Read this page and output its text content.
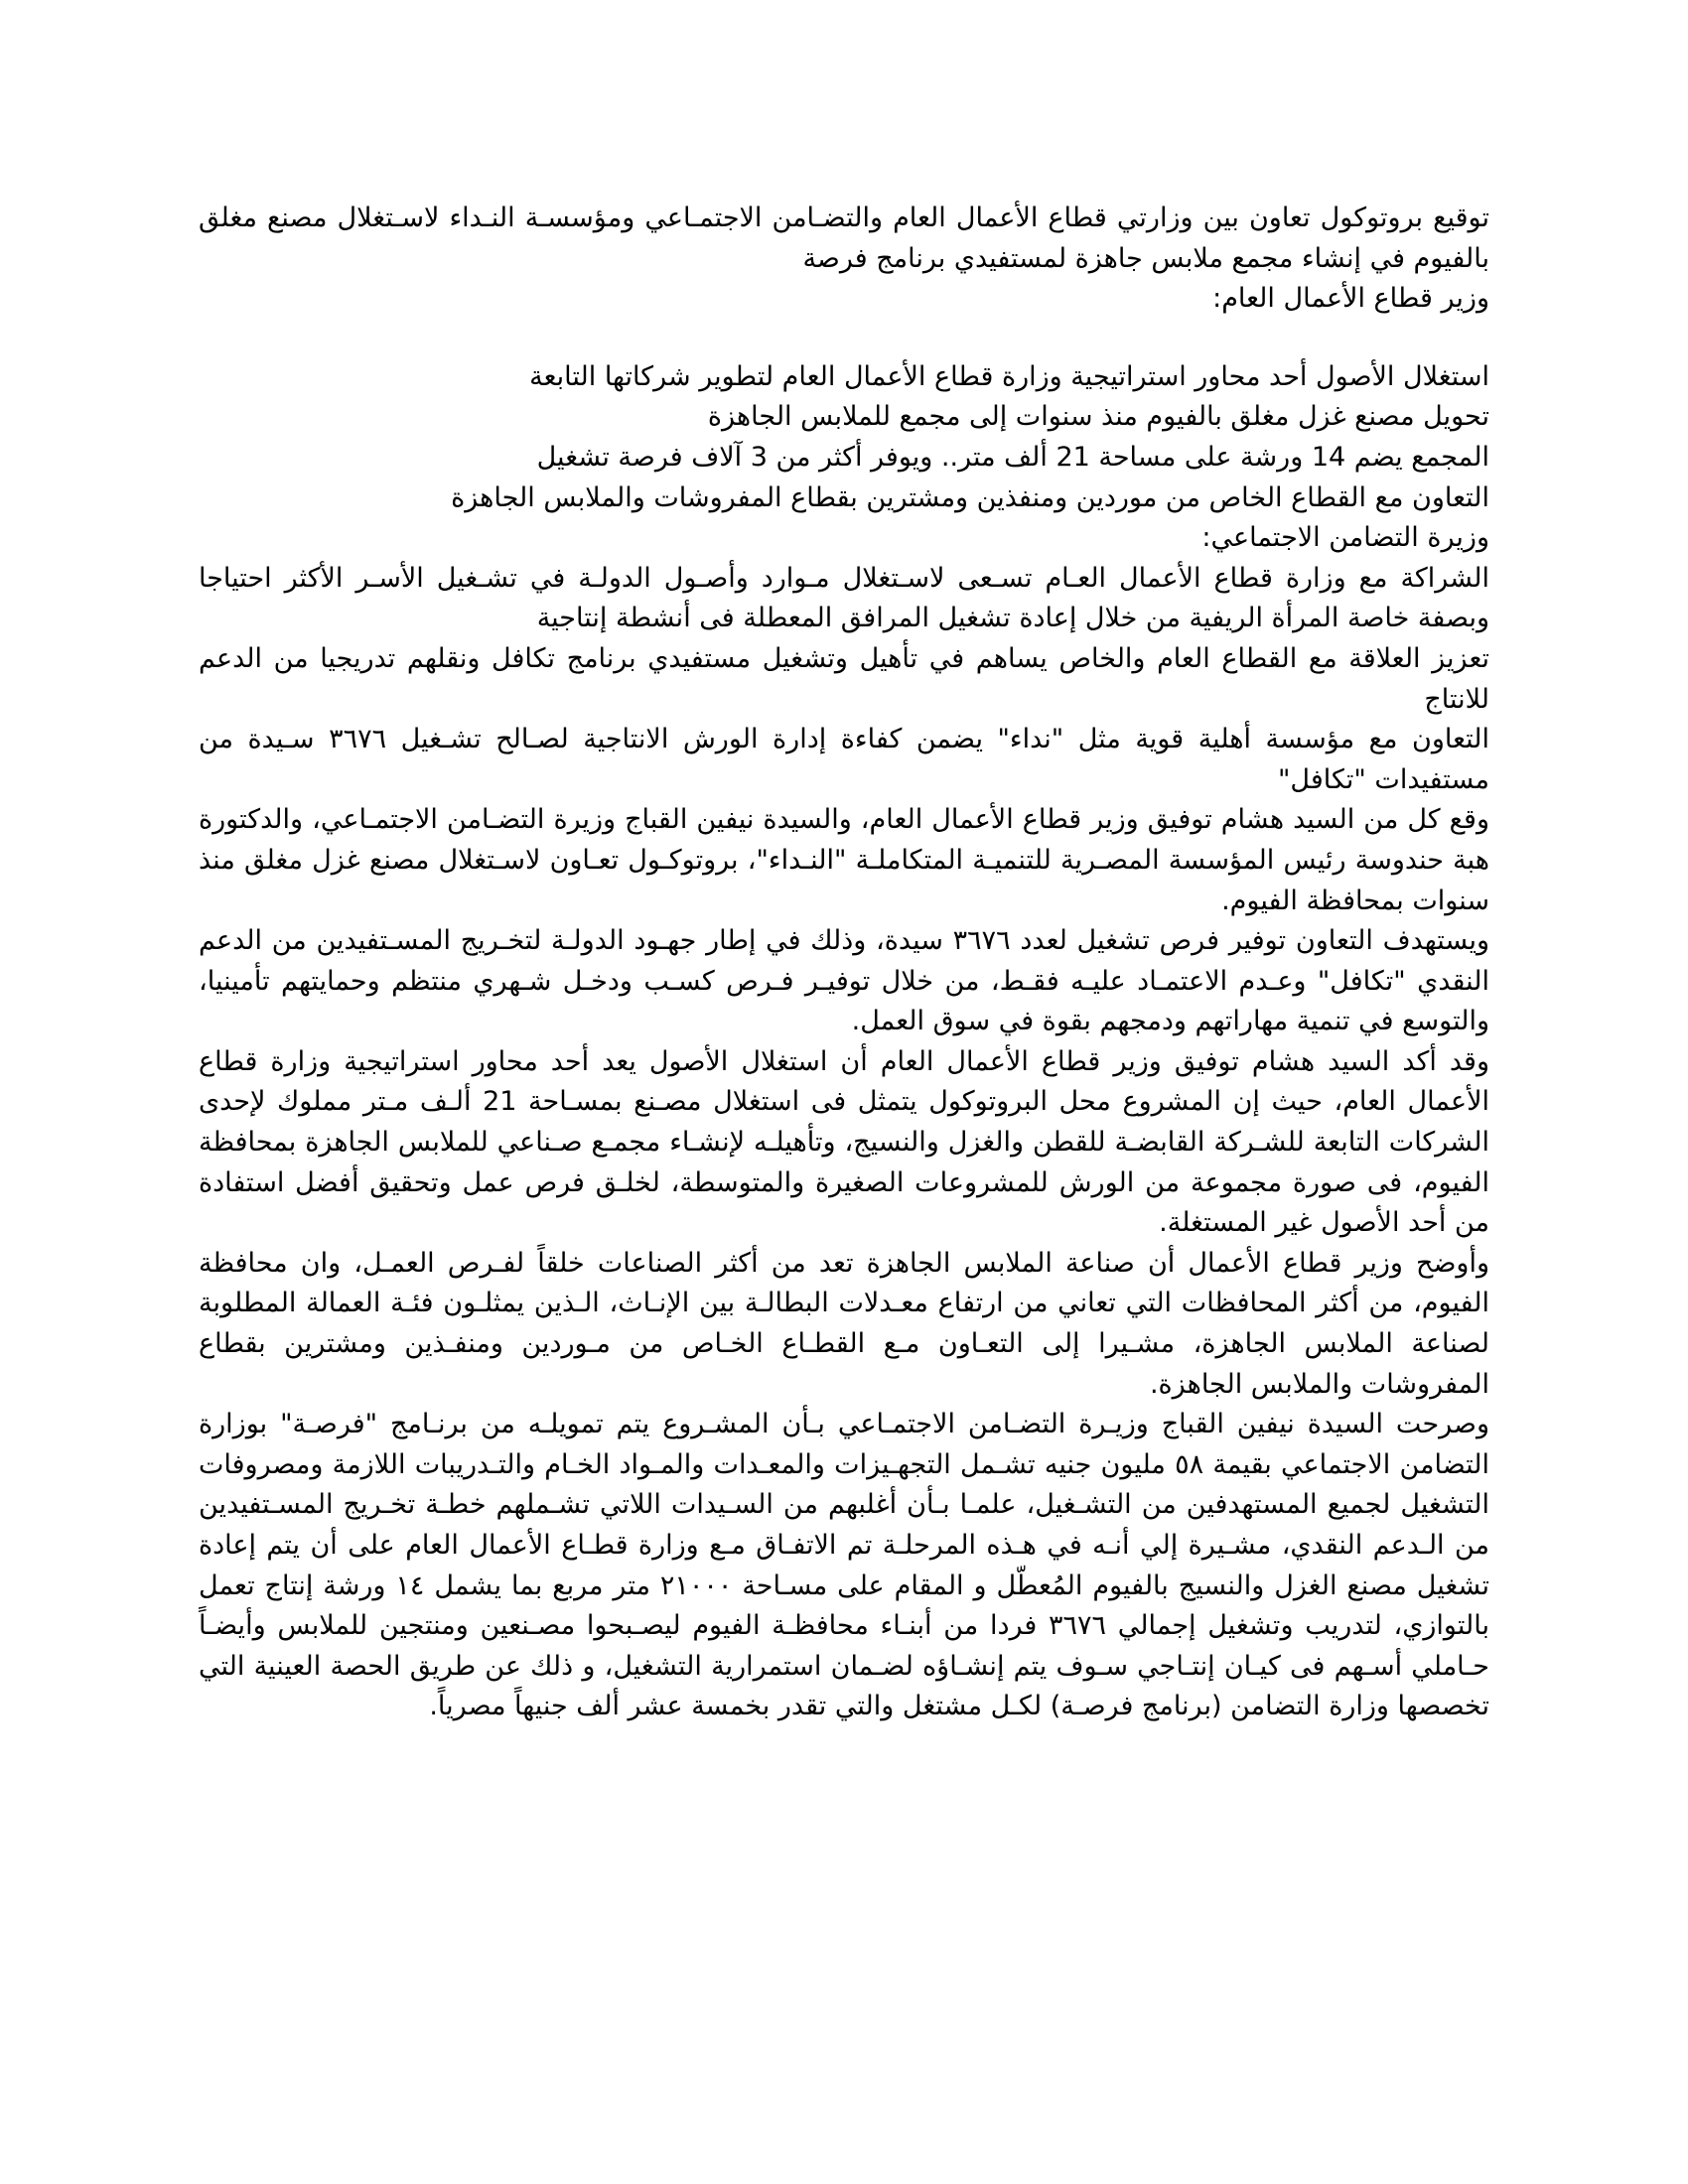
توقيع بروتوكول تعاون بين وزارتي قطاع الأعمال العام والتضـامن الاجتمـاعي ومؤسسـة النـداء لاسـتغلال مصنع مغلق بالفيوم في إنشاء مجمع ملابس جاهزة لمستفيدي برنامج فرصة

وزير قطاع الأعمال العام:

استغلال الأصول أحد محاور استراتيجية وزارة قطاع الأعمال العام لتطوير شركاتها التابعة

تحويل مصنع غزل مغلق بالفيوم منذ سنوات إلى مجمع للملابس الجاهزة

المجمع يضم 14 ورشة على مساحة 21 ألف متر.. ويوفر أكثر من 3 آلاف فرصة تشغيل

التعاون مع القطاع الخاص من موردين ومنفذين ومشترين بقطاع المفروشات والملابس الجاهزة

وزيرة التضامن الاجتماعي:

الشراكة مع وزارة قطاع الأعمال العـام تسـعى لاسـتغلال مـوارد وأصـول الدولـة في تشـغيل الأسـر الأكثر احتياجا وبصفة خاصة المرأة الريفية من خلال إعادة تشغيل المرافق المعطلة فى أنشطة إنتاجية

تعزيز العلاقة مع القطاع العام والخاص يساهم في تأهيل وتشغيل مستفيدي برنامج تكافل ونقلهم تدريجيا من الدعم للانتاج

التعاون مع مؤسسة أهلية قوية مثل "نداء" يضمن كفاءة إدارة الورش الانتاجية لصـالح تشـغيل ٣٦٧٦ سـيدة من مستفيدات "تكافل"

وقع كل من السيد هشام توفيق وزير قطاع الأعمال العام، والسيدة نيفين القباج وزيرة التضـامن الاجتمـاعي، والدكتورة هبة حندوسة رئيس المؤسسة المصـرية للتنميـة المتكاملـة "النـداء"، بروتوكـول تعـاون لاسـتغلال مصنع غزل مغلق منذ سنوات بمحافظة الفيوم.

ويستهدف التعاون توفير فرص تشغيل لعدد ٣٦٧٦ سيدة، وذلك في إطار جهـود الدولـة لتخـريج المسـتفيدين من الدعم النقدي "تكافل" وعـدم الاعتمـاد عليـه فقـط، من خلال توفيـر فـرص كسـب ودخـل شـهري منتظم وحمايتهم تأمينيا، والتوسع في تنمية مهاراتهم ودمجهم بقوة في سوق العمل.

وقد أكد السيد هشام توفيق وزير قطاع الأعمال العام أن استغلال الأصول يعد أحد محاور استراتيجية وزارة قطاع الأعمال العام، حيث إن المشروع محل البروتوكول يتمثل فى استغلال مصـنع بمسـاحة 21 ألـف مـتر مملوك لإحدى الشركات التابعة للشـركة القابضـة للقطن والغزل والنسيج، وتأهيلـه لإنشـاء مجمـع صـناعي للملابس الجاهزة بمحافظة الفيوم، فى صورة مجموعة من الورش للمشروعات الصغيرة والمتوسطة، لخلـق فرص عمل وتحقيق أفضل استفادة من أحد الأصول غير المستغلة.

وأوضح وزير قطاع الأعمال أن صناعة الملابس الجاهزة تعد من أكثر الصناعات خلقاً لفـرص العمـل، وان محافظة الفيوم، من أكثر المحافظات التي تعاني من ارتفاع معـدلات البطالـة بين الإنـاث، الـذين يمثلـون فئـة العمالة المطلوبة لصناعة الملابس الجاهزة، مشـيرا إلى التعـاون مـع القطـاع الخـاص من مـوردين ومنفـذين ومشترين بقطاع المفروشات والملابس الجاهزة.

وصرحت السيدة نيفين القباج وزيـرة التضـامن الاجتمـاعي بـأن المشـروع يتم تمويلـه من برنـامج "فرصـة" بوزارة التضامن الاجتماعي بقيمة ٥٨ مليون جنيه تشـمل التجهـيزات والمعـدات والمـواد الخـام والتـدريبات اللازمة ومصروفات التشغيل لجميع المستهدفين من التشـغيل، علمـا بـأن أغلبهم من السـيدات اللاتي تشـملهم خطـة تخـريج المسـتفيدين من الـدعم النقدي، مشـيرة إلي أنـه في هـذه المرحلـة تم الاتفـاق مـع وزارة قطـاع الأعمال العام على أن يتم إعادة تشغيل مصنع الغزل والنسيج بالفيوم المُعطّل و المقام على مسـاحة ٢١٠٠٠ متر مربع بما يشمل ١٤ ورشة إنتاج تعمل بالتوازي، لتدريب وتشغيل إجمالي ٣٦٧٦ فردا من أبنـاء محافظـة الفيوم ليصـبحوا مصـنعين ومنتجين للملابس وأيضـاً حـاملي أسـهم فى كيـان إنتـاجي سـوف يتم إنشـاؤه لضـمان استمرارية التشغيل، و ذلك عن طريق الحصة العينية التي تخصصها وزارة التضامن (برنامج فرصـة) لكـل مشتغل والتي تقدر بخمسة عشر ألف جنيهاً مصرياً.
